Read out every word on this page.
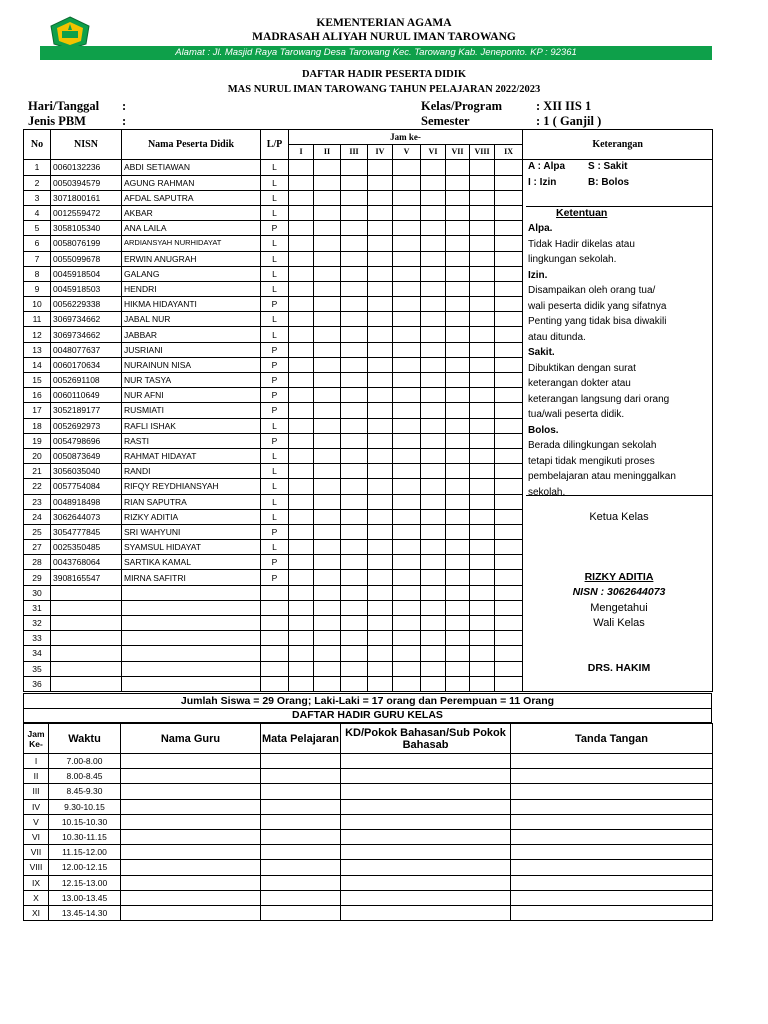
KEMENTERIAN AGAMA
MADRASAH ALIYAH NURUL IMAN TAROWANG
Alamat : Jl. Masjid Raya Tarowang Desa Tarowang Kec. Tarowang Kab. Jeneponto. KP : 92361
DAFTAR HADIR PESERTA DIDIK
MAS NURUL IMAN TAROWANG TAHUN PELAJARAN 2022/2023
Hari/Tanggal :
Jenis PBM	:
Kelas/Program	: XII IIS 1
Semester	: 1 ( Ganjil )
No	NISN	Nama Peserta Didik	L/P	Jam ke-									Keterangan
				I	II	III	IV	V	VI	VII	VIII	IX	
1	0060132236	ABDI SETIAWAN	L										
2	0050394579	AGUNG RAHMAN	L										
3	3071800161	AFDAL SAPUTRA	L										
4	0012559472	AKBAR	L										
5	3058105340	ANA LAILA	P										
6	0058076199	ARDIANSYAH NURHIDAYAT	L										
7	0055099678	ERWIN ANUGRAH	L										
8	0045918504	GALANG	L										
9	0045918503	HENDRI	L										
10	0056229338	HIKMA HIDAYANTI	P										
11	3069734662	JABAL NUR	L										
12	3069734662	JABBAR	L										
13	0048077637	JUSRIANI	P										
14	0060170634	NURAINUN NISA	P										
15	0052691108	NUR TASYA	P										
16	0060110649	NUR AFNI	P										
17	3052189177	RUSMIATI	P										
18	0052692973	RAFLI ISHAK	L										
19	0054798696	RASTI	P										
20	0050873649	RAHMAT HIDAYAT	L										
21	3056035040	RANDI	L										
22	0057754084	RIFQY REYDHIANSYAH	L										
23	0048918498	RIAN SAPUTRA	L										
24	3062644073	RIZKY ADITIA	L										
25	3054777845	SRI WAHYUNI	P										
27	0025350485	SYAMSUL HIDAYAT	L										
28	0043768064	SARTIKA KAMAL	P										
29	3908165547	MIRNA SAFITRI	P										
30													
31													
32													
33													
34													
35													
36													
A : Alpa S : Sakit
I : Izin	B: Bolos
Ketentuan
Alpa.
Tidak Hadir dikelas atau
lingkungan sekolah.
Izin.
Disampaikan oleh orang tua/
wali peserta didik yang sifatnya
Penting yang tidak bisa diwakili
atau ditunda.
Sakit.
Dibuktikan dengan surat
keterangan dokter atau
keterangan langsung dari orang
tua/wali peserta didik.
Bolos.
Berada dilingkungan sekolah
tetapi tidak mengikuti proses
pembelajaran atau meninggalkan
sekolah.
Ketua Kelas
RIZKY ADITIA
NISN : 3062644073
Mengetahui
Wali Kelas
DRS. HAKIM
Jumlah Siswa = 29 Orang; Laki-Laki = 17 orang dan Perempuan = 11 Orang
DAFTAR HADIR GURU KELAS
Jam Ke-	Waktu	Nama Guru	Mata Pelajaran	KD/Pokok Bahasan/Sub Pokok Bahasab	Tanda Tangan
I	7.00-8.00				
II	8.00-8.45				
III	8.45-9.30				
IV	9.30-10.15				
V	10.15-10.30				
VI	10.30-11.15				
VII	11.15-12.00				
VIII	12.00-12.15				
IX	12.15-13.00				
X	13.00-13.45				
XI	13.45-14.30				
